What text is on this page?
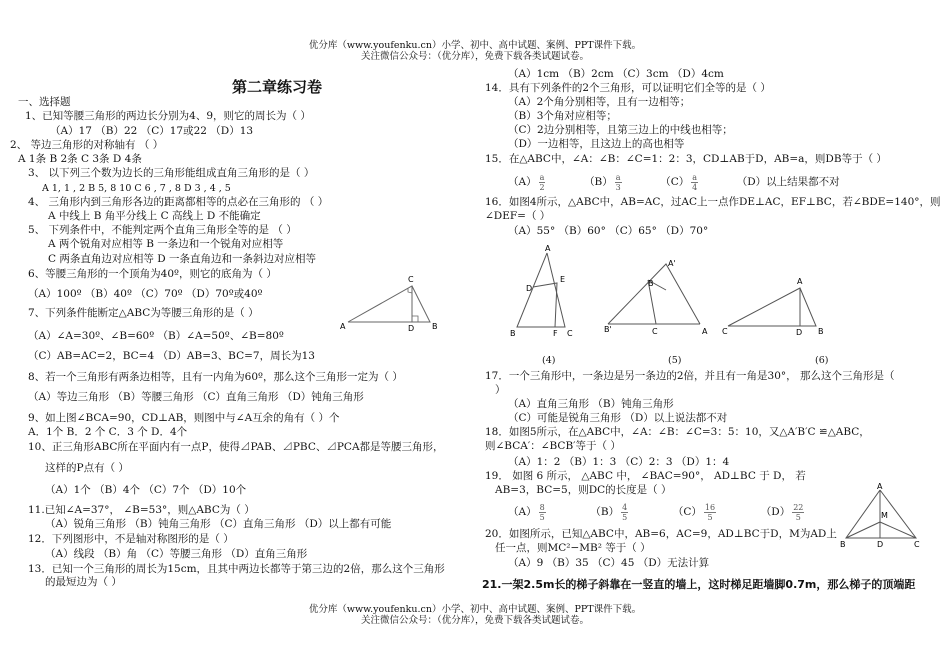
优分库（www.youfenku.cn）小学、初中、高中试题、案例、PPT课件下载。
关注微信公众号：（优分库），免费下载各类试题试卷。
第二章练习卷
一、选择题
1、已知等腰三角形的两边长分别为4、9，则它的周长为（ ）
（A）17 （B）22 （C）17或22 （D）13
2、 等边三角形的对称轴有 （ ）
A 1条 B 2条 C 3条 D 4条
3、 以下列三个数为边长的三角形能组成直角三角形的是（ ）
A 1, 1 , 2 B 5, 8 10 C 6 , 7 , 8 D 3 , 4 , 5
4、 三角形内到三角形各边的距离都相等的点必在三角形的 （ ）
A 中线上 B 角平分线上 C 高线上 D 不能确定
5、 下列条件中，不能判定两个直角三角形全等的是 （ ）
A 两个锐角对应相等 B 一条边和一个锐角对应相等
C 两条直角边对应相等 D 一条直角边和一条斜边对应相等
6、等腰三角形的一个顶角为40º，则它的底角为（ ）
（A）100º （B）40º （C）70º （D）70º或40º
7、下列条件能断定△ABC为等腰三角形的是（ ）
（A）∠A=30º、∠B=60º （B）∠A=50º、∠B=80º
（C）AB=AC=2，BC=4 （D）AB=3、BC=7，周长为13
8、若一个三角形有两条边相等，且有一内角为60º，那么这个三角形一定为（ ）
（A）等边三角形 （B）等腰三角形 （C）直角三角形 （D）钝角三角形
9、如上图∠BCA=90，CD⊥AB，则图中与∠A互余的角有（ ）个
A．1个 B．2 个 C．3 个 D．4个
10、正三角形ABC所在平面内有一点P，使得⊿PAB、⊿PBC、⊿PCA都是等腰三角形，
这样的P点有（ ）
（A）1个 （B）4个 （C）7个 （D）10个
11.已知∠A=37°， ∠B=53°，则△ABC为（ ）
（A）锐角三角形 （B）钝角三角形 （C）直角三角形 （D）以上都有可能
12．下列图形中，不是轴对称图形的是（ ）
（A）线段 （B）角 （C）等腰三角形 （D）直角三角形
13．已知一个三角形的周长为15cm，且其中两边长都等于第三边的2倍，那么这个三角形
的最短边为（ ）
C
A	D B
（A）1cm （B）2cm （C）3cm （D）4cm
14．具有下列条件的2个三角形，可以证明它们全等的是（ ）
（A）2个角分别相等，且有一边相等；
（B）3个角对应相等；
（C）2边分别相等，且第三边上的中线也相等；
（D）一边相等，且这边上的高也相等
15．在△ABC中，∠A：∠B：∠C=1：2：3，CD⊥AB于D，AB=a，则DB等于（ ）
$(A) \frac{a}{2}$	$(B) \frac{a}{3}$	$(C) \frac{a}{4}$	（D）以上结果都不对
16．如图4所示，△ABC中，AB=AC，过AC上一点作DE⊥AC，EF⊥BC，若∠BDE=140°，则
∠DEF=（ ）
（A）55° （B）60° （C）65° （D）70°
A
D
E
B	F C
(4)
A'
B
B'	C	A
(5)
A
C	D B
(6)
17．一个三角形中，一条边是另一条边的2倍，并且有一角是30°， 那么这个三角形是（
）
（A）直角三角形 （B）钝角三角形
（C）可能是锐角三角形 （D）以上说法都不对
18．如图5所示，在△ABC中，∠A：∠B：∠C=3：5：10，又△A′B′C ≌△ABC，
则∠BCA′：∠BCB′等于（ ）
（A）1：2 （B）1：3 （C）2：3 （D）1：4
19． 如图 6 所示， △ABC 中， ∠BAC=90°， AD⊥BC 于 D， 若
AB=3，BC=5，则DC的长度是（ ）
$(A) \frac{8}{5}$	$(B) \frac{4}{5}$	$(C) \frac{16}{5}$	$(D) \frac{22}{5}$
20．如图所示，已知△ABC中，AB=6，AC=9，AD⊥BC于D，M为AD上
任一点，则MC²−MB² 等于（ ）
（A）9 （B）35 （C）45 （D）无法计算
A
M
B	D	C
21.一架2.5m长的梯子斜靠在一竖直的墙上，这时梯足距墙脚0.7m，那么梯子的顶端距
优分库（www.youfenku.cn）小学、初中、高中试题、案例、PPT课件下载。
关注微信公众号：（优分库），免费下载各类试题试卷。
